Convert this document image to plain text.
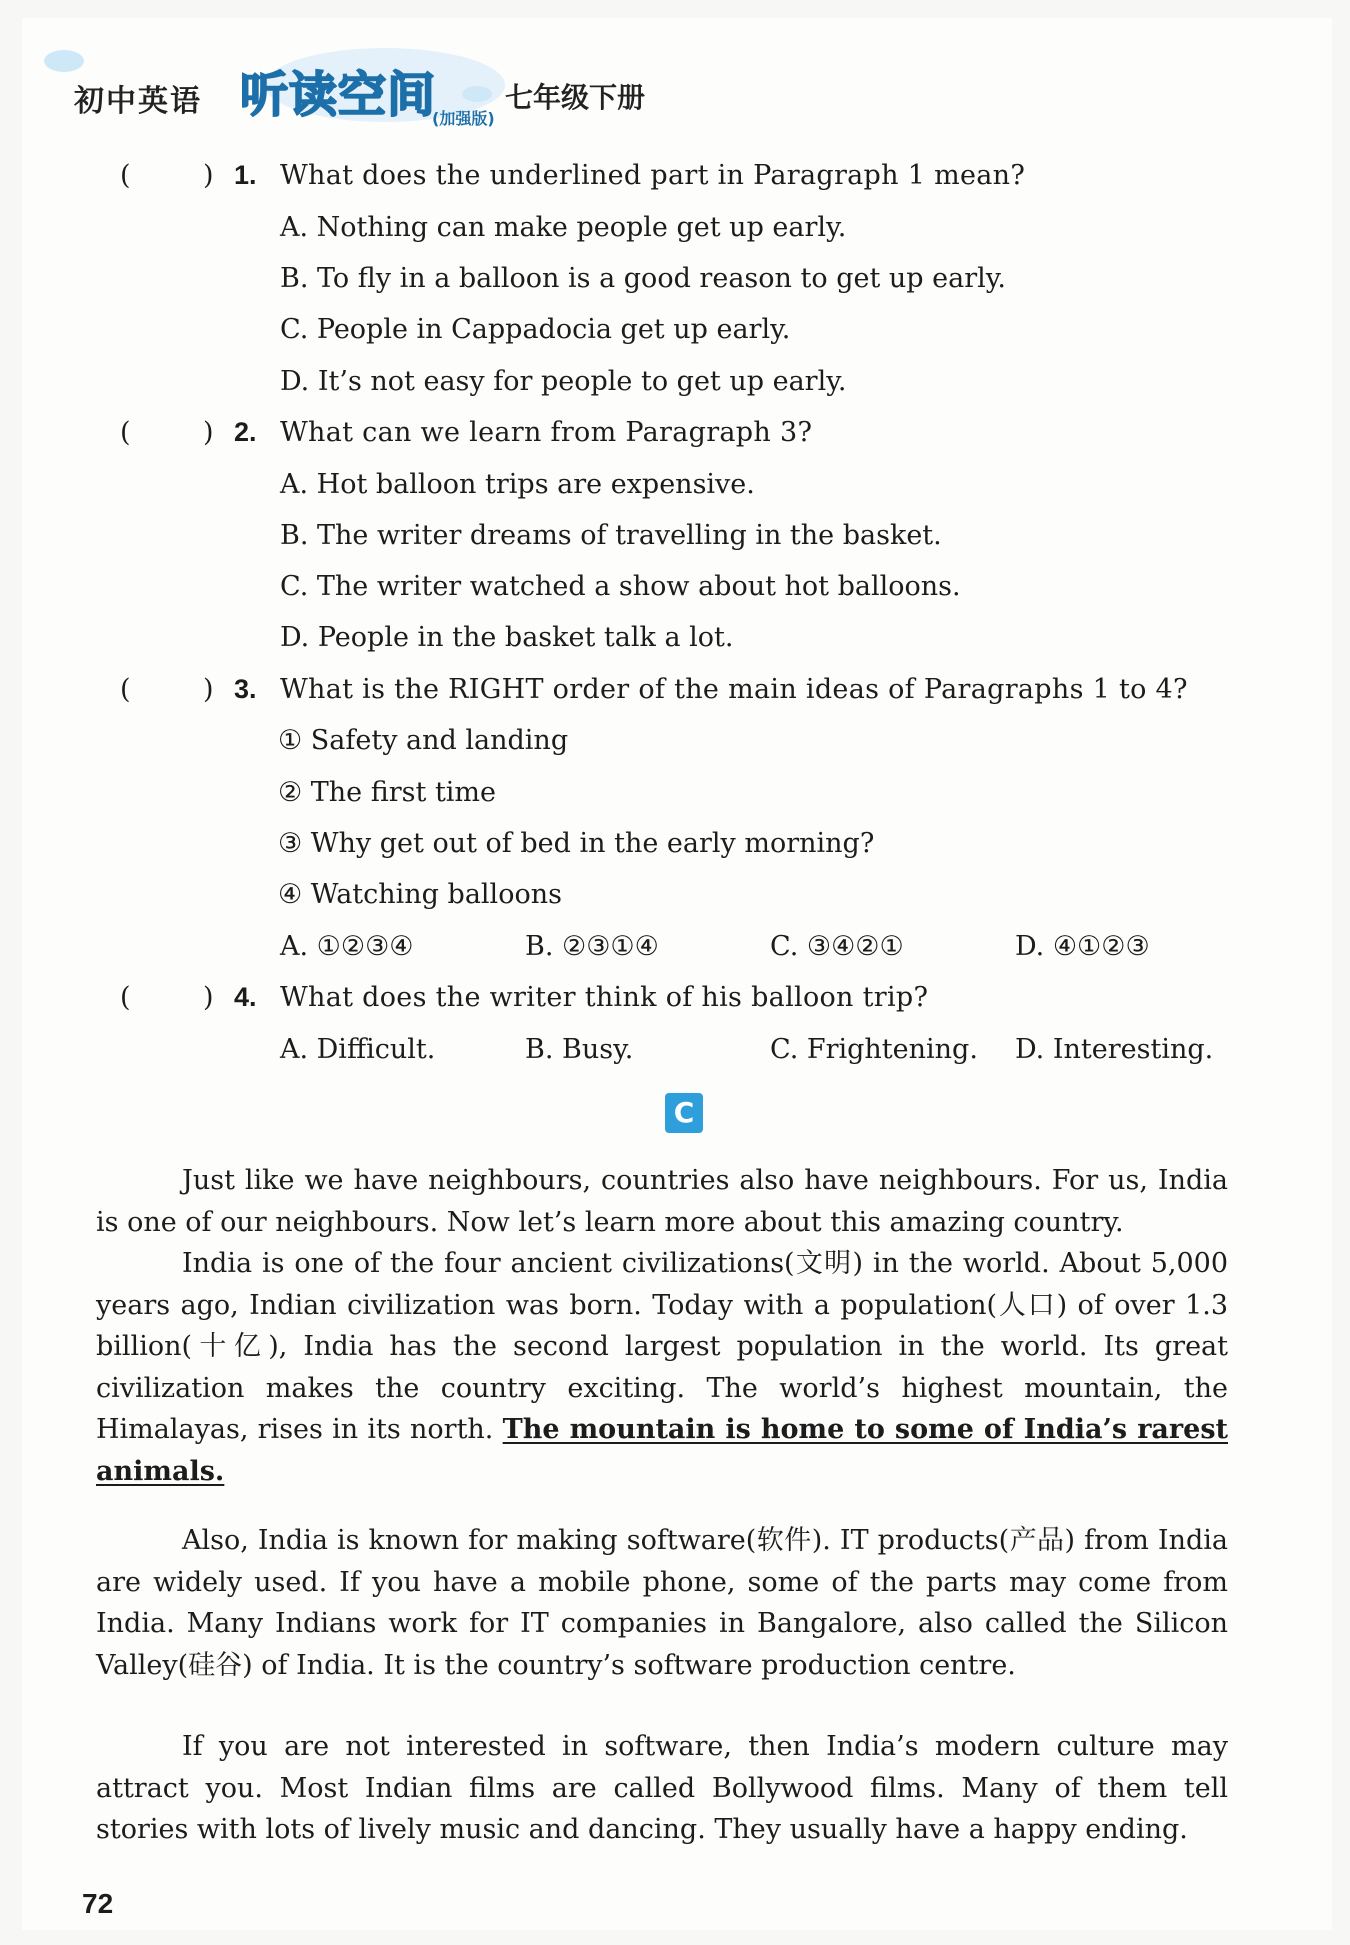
初中英语 听读空间
(加强版)
七年级下册
(	) 1. What does the underlined part in Paragraph 1 mean?
A. Nothing can make people get up early.
B. To fly in a balloon is a good reason to get up early.
C. People in Cappadocia get up early.
D. It’s not easy for people to get up early.
(	) 2. What can we learn from Paragraph 3?
A. Hot balloon trips are expensive.
B. The writer dreams of travelling in the basket.
C. The writer watched a show about hot balloons.
D. People in the basket talk a lot.
(	) 3. What is the RIGHT order of the main ideas of Paragraphs 1 to 4?
① Safety and landing
② The first time
③ Why get out of bed in the early morning?
④ Watching balloons
A. ①②③④	B. ②③①④	C. ③④②①	D. ④①②③
(	) 4. What does the writer think of his balloon trip?
A. Difficult.	B. Busy.	C. Frightening. D. Interesting.
C
Just like we have neighbours, countries also have neighbours. For us, India is one of our neighbours. Now let’s learn more about this amazing country.
India is one of the four ancient civilizations(文明) in the world. About 5,000 years ago, Indian civilization was born. Today with a population(人口) of over 1.3 billion(十亿), India has the second largest population in the world. Its great civilization makes the country exciting. The world’s highest mountain, the Himalayas, rises in its north. The mountain is home to some of India’s rarest animals.
Also, India is known for making software(软件). IT products(产品) from India are widely used. If you have a mobile phone, some of the parts may come from India. Many Indians work for IT companies in Bangalore, also called the Silicon Valley(硅谷) of India. It is the country’s software production centre.
If you are not interested in software, then India’s modern culture may attract you. Most Indian films are called Bollywood films. Many of them tell stories with lots of lively music and dancing. They usually have a happy ending.
72
